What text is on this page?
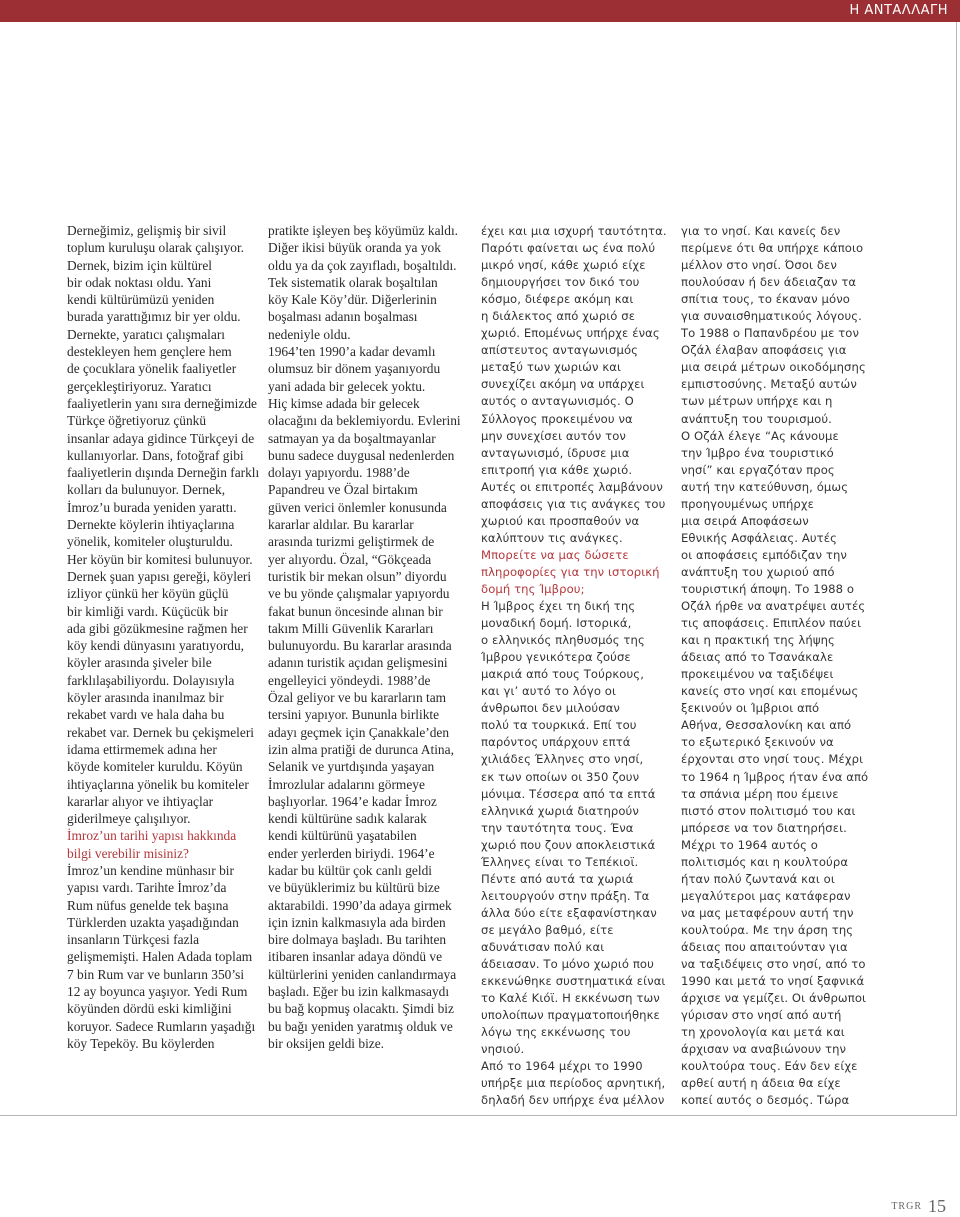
Η ΑΝΤΑΛΛΑΓΗ

Derneğimiz, gelişmiş bir sivil

toplum kuruluşu olarak çalışıyor.

Dernek, bizim için kültürel

bir odak noktası oldu. Yani

kendi kültürümüzü yeniden

burada yarattığımız bir yer oldu.

Dernekte, yaratıcı çalışmaları

destekleyen hem gençlere hem

de çocuklara yönelik faaliyetler

gerçekleştiriyoruz. Yaratıcı

faaliyetlerin yanı sıra derneğimizde

Türkçe öğretiyoruz çünkü

insanlar adaya gidince Türkçeyi de

kullanıyorlar. Dans, fotoğraf gibi

faaliyetlerin dışında Derneğin farklı

kolları da bulunuyor. Dernek,

İmroz’u burada yeniden yarattı.

Dernekte köylerin ihtiyaçlarına

yönelik, komiteler oluşturuldu.

Her köyün bir komitesi bulunuyor.

Dernek şuan yapısı gereği, köyleri

izliyor çünkü her köyün güçlü

bir kimliği vardı. Küçücük bir

ada gibi gözükmesine rağmen her

köy kendi dünyasını yaratıyordu,

köyler arasında şiveler bile

farklılaşabiliyordu. Dolayısıyla

köyler arasında inanılmaz bir

rekabet vardı ve hala daha bu

rekabet var. Dernek bu çekişmeleri

idama ettirmemek adına her

köyde komiteler kuruldu. Köyün

ihtiyaçlarına yönelik bu komiteler

kararlar alıyor ve ihtiyaçlar

giderilmeye çalışılıyor.

İmroz’un tarihi yapısı hakkında

bilgi verebilir misiniz?

İmroz’un kendine münhasır bir

yapısı vardı. Tarihte İmroz’da

Rum nüfus genelde tek başına

Türklerden uzakta yaşadığından

insanların Türkçesi fazla

gelişmemişti. Halen Adada toplam

7 bin Rum var ve bunların 350’si

12 ay boyunca yaşıyor. Yedi Rum

köyünden dördü eski kimliğini

koruyor. Sadece Rumların yaşadığı

köy Tepeköy. Bu köylerden

pratikte işleyen beş köyümüz kaldı.

Diğer ikisi büyük oranda ya yok

oldu ya da çok zayıfladı, boşaltıldı.

Tek sistematik olarak boşaltılan

köy Kale Köy’dür. Diğerlerinin

boşalması adanın boşalması

nedeniyle oldu.

1964’ten 1990’a kadar devamlı

olumsuz bir dönem yaşanıyordu

yani adada bir gelecek yoktu.

Hiç kimse adada bir gelecek

olacağını da beklemiyordu. Evlerini

satmayan ya da boşaltmayanlar

bunu sadece duygusal nedenlerden

dolayı yapıyordu. 1988’de

Papandreu ve Özal birtakım

güven verici önlemler konusunda

kararlar aldılar. Bu kararlar

arasında turizmi geliştirmek de

yer alıyordu. Özal, “Gökçeada

turistik bir mekan olsun” diyordu

ve bu yönde çalışmalar yapıyordu

fakat bunun öncesinde alınan bir

takım Milli Güvenlik Kararları

bulunuyordu. Bu kararlar arasında

adanın turistik açıdan gelişmesini

engelleyici yöndeydi. 1988’de

Özal geliyor ve bu kararların tam

tersini yapıyor. Bununla birlikte

adayı geçmek için Çanakkale’den

izin alma pratiği de durunca Atina,

Selanik ve yurtdışında yaşayan

İmrozlular adalarını görmeye

başlıyorlar. 1964’e kadar İmroz

kendi kültürüne sadık kalarak

kendi kültürünü yaşatabilen

ender yerlerden biriydi. 1964’e

kadar bu kültür çok canlı geldi

ve büyüklerimiz bu kültürü bize

aktarabildi. 1990’da adaya girmek

için iznin kalkmasıyla ada birden

bire dolmaya başladı. Bu tarihten

itibaren insanlar adaya döndü ve

kültürlerini yeniden canlandırmaya

başladı. Eğer bu izin kalkmasaydı

bu bağ kopmuş olacaktı. Şimdi biz

bu bağı yeniden yaratmış olduk ve

bir oksijen geldi bize.

έχει και μια ισχυρή ταυτότητα.

Παρότι φαίνεται ως ένα πολύ

μικρό νησί, κάθε χωριό είχε

δημιουργήσει τον δικό του

κόσμο, διέφερε ακόμη και

η διάλεκτος από χωριό σε

χωριό. Επομένως υπήρχε ένας

απίστευτος ανταγωνισμός

μεταξύ των χωριών και

συνεχίζει ακόμη να υπάρχει

αυτός ο ανταγωνισμός. Ο

Σύλλογος προκειμένου να

μην συνεχίσει αυτόν τον

ανταγωνισμό, ίδρυσε μια

επιτροπή για κάθε χωριό.

Αυτές οι επιτροπές λαμβάνουν

αποφάσεις για τις ανάγκες του

χωριού και προσπαθούν να

καλύπτουν τις ανάγκες.

Μπορείτε να μας δώσετε

πληροφορίες για την ιστορική

δομή της Ίμβρου;

Η Ίμβρος έχει τη δική της

μοναδική δομή. Ιστορικά,

ο ελληνικός πληθυσμός της

Ίμβρου γενικότερα ζούσε

μακριά από τους Τούρκους,

και γι’ αυτό το λόγο οι

άνθρωποι δεν μιλούσαν

πολύ τα τουρκικά. Επί του

παρόντος υπάρχουν επτά

χιλιάδες Έλληνες στο νησί,

εκ των οποίων οι 350 ζουν

μόνιμα. Τέσσερα από τα επτά

ελληνικά χωριά διατηρούν

την ταυτότητα τους. Ένα

χωριό που ζουν αποκλειστικά

Έλληνες είναι το Τεπέκιοϊ.

Πέντε από αυτά τα χωριά

λειτουργούν στην πράξη. Τα

άλλα δύο είτε εξαφανίστηκαν

σε μεγάλο βαθμό, είτε

αδυνάτισαν πολύ και

άδειασαν. Το μόνο χωριό που

εκκενώθηκε συστηματικά είναι

το Καλέ Κιόϊ. Η εκκένωση των

υπολοίπων πραγματοποιήθηκε

λόγω της εκκένωσης του

νησιού.

Από το 1964 μέχρι το 1990

υπήρξε μια περίοδος αρνητική,

δηλαδή δεν υπήρχε ένα μέλλον

για το νησί. Και κανείς δεν

περίμενε ότι θα υπήρχε κάποιο

μέλλον στο νησί. Όσοι δεν

πουλούσαν ή δεν άδειαζαν τα

σπίτια τους, το έκαναν μόνο

για συναισθηματικούς λόγους.

Το 1988 ο Παπανδρέου με τον

Οζάλ έλαβαν αποφάσεις για

μια σειρά μέτρων οικοδόμησης

εμπιστοσύνης. Μεταξύ αυτών

των μέτρων υπήρχε και η

ανάπτυξη του τουρισμού.

Ο Οζάλ έλεγε “Ας κάνουμε

την Ίμβρο ένα τουριστικό

νησί” και εργαζόταν προς

αυτή την κατεύθυνση, όμως

προηγουμένως υπήρχε

μια σειρά Αποφάσεων

Εθνικής Ασφάλειας. Αυτές

οι αποφάσεις εμπόδιζαν την

ανάπτυξη του χωριού από

τουριστική άποψη. Το 1988 ο

Οζάλ ήρθε να ανατρέψει αυτές

τις αποφάσεις. Επιπλέον παύει

και η πρακτική της λήψης

άδειας από το Τσανάκαλε

προκειμένου να ταξιδέψει

κανείς στο νησί και επομένως

ξεκινούν οι Ίμβριοι από

Αθήνα, Θεσσαλονίκη και από

το εξωτερικό ξεκινούν να

έρχονται στο νησί τους. Μέχρι

το 1964 η Ίμβρος ήταν ένα από

τα σπάνια μέρη που έμεινε

πιστό στον πολιτισμό του και

μπόρεσε να τον διατηρήσει.

Μέχρι το 1964 αυτός ο

πολιτισμός και η κουλτούρα

ήταν πολύ ζωντανά και οι

μεγαλύτεροι μας κατάφεραν

να μας μεταφέρουν αυτή την

κουλτούρα. Με την άρση της

άδειας που απαιτούνταν για

να ταξιδέψεις στο νησί, από το

1990 και μετά το νησί ξαφνικά

άρχισε να γεμίζει. Οι άνθρωποι

γύρισαν στο νησί από αυτή

τη χρονολογία και μετά και

άρχισαν να αναβιώνουν την

κουλτούρα τους. Εάν δεν είχε

αρθεί αυτή η άδεια θα είχε

κοπεί αυτός ο δεσμός. Τώρα

TRGR 15
